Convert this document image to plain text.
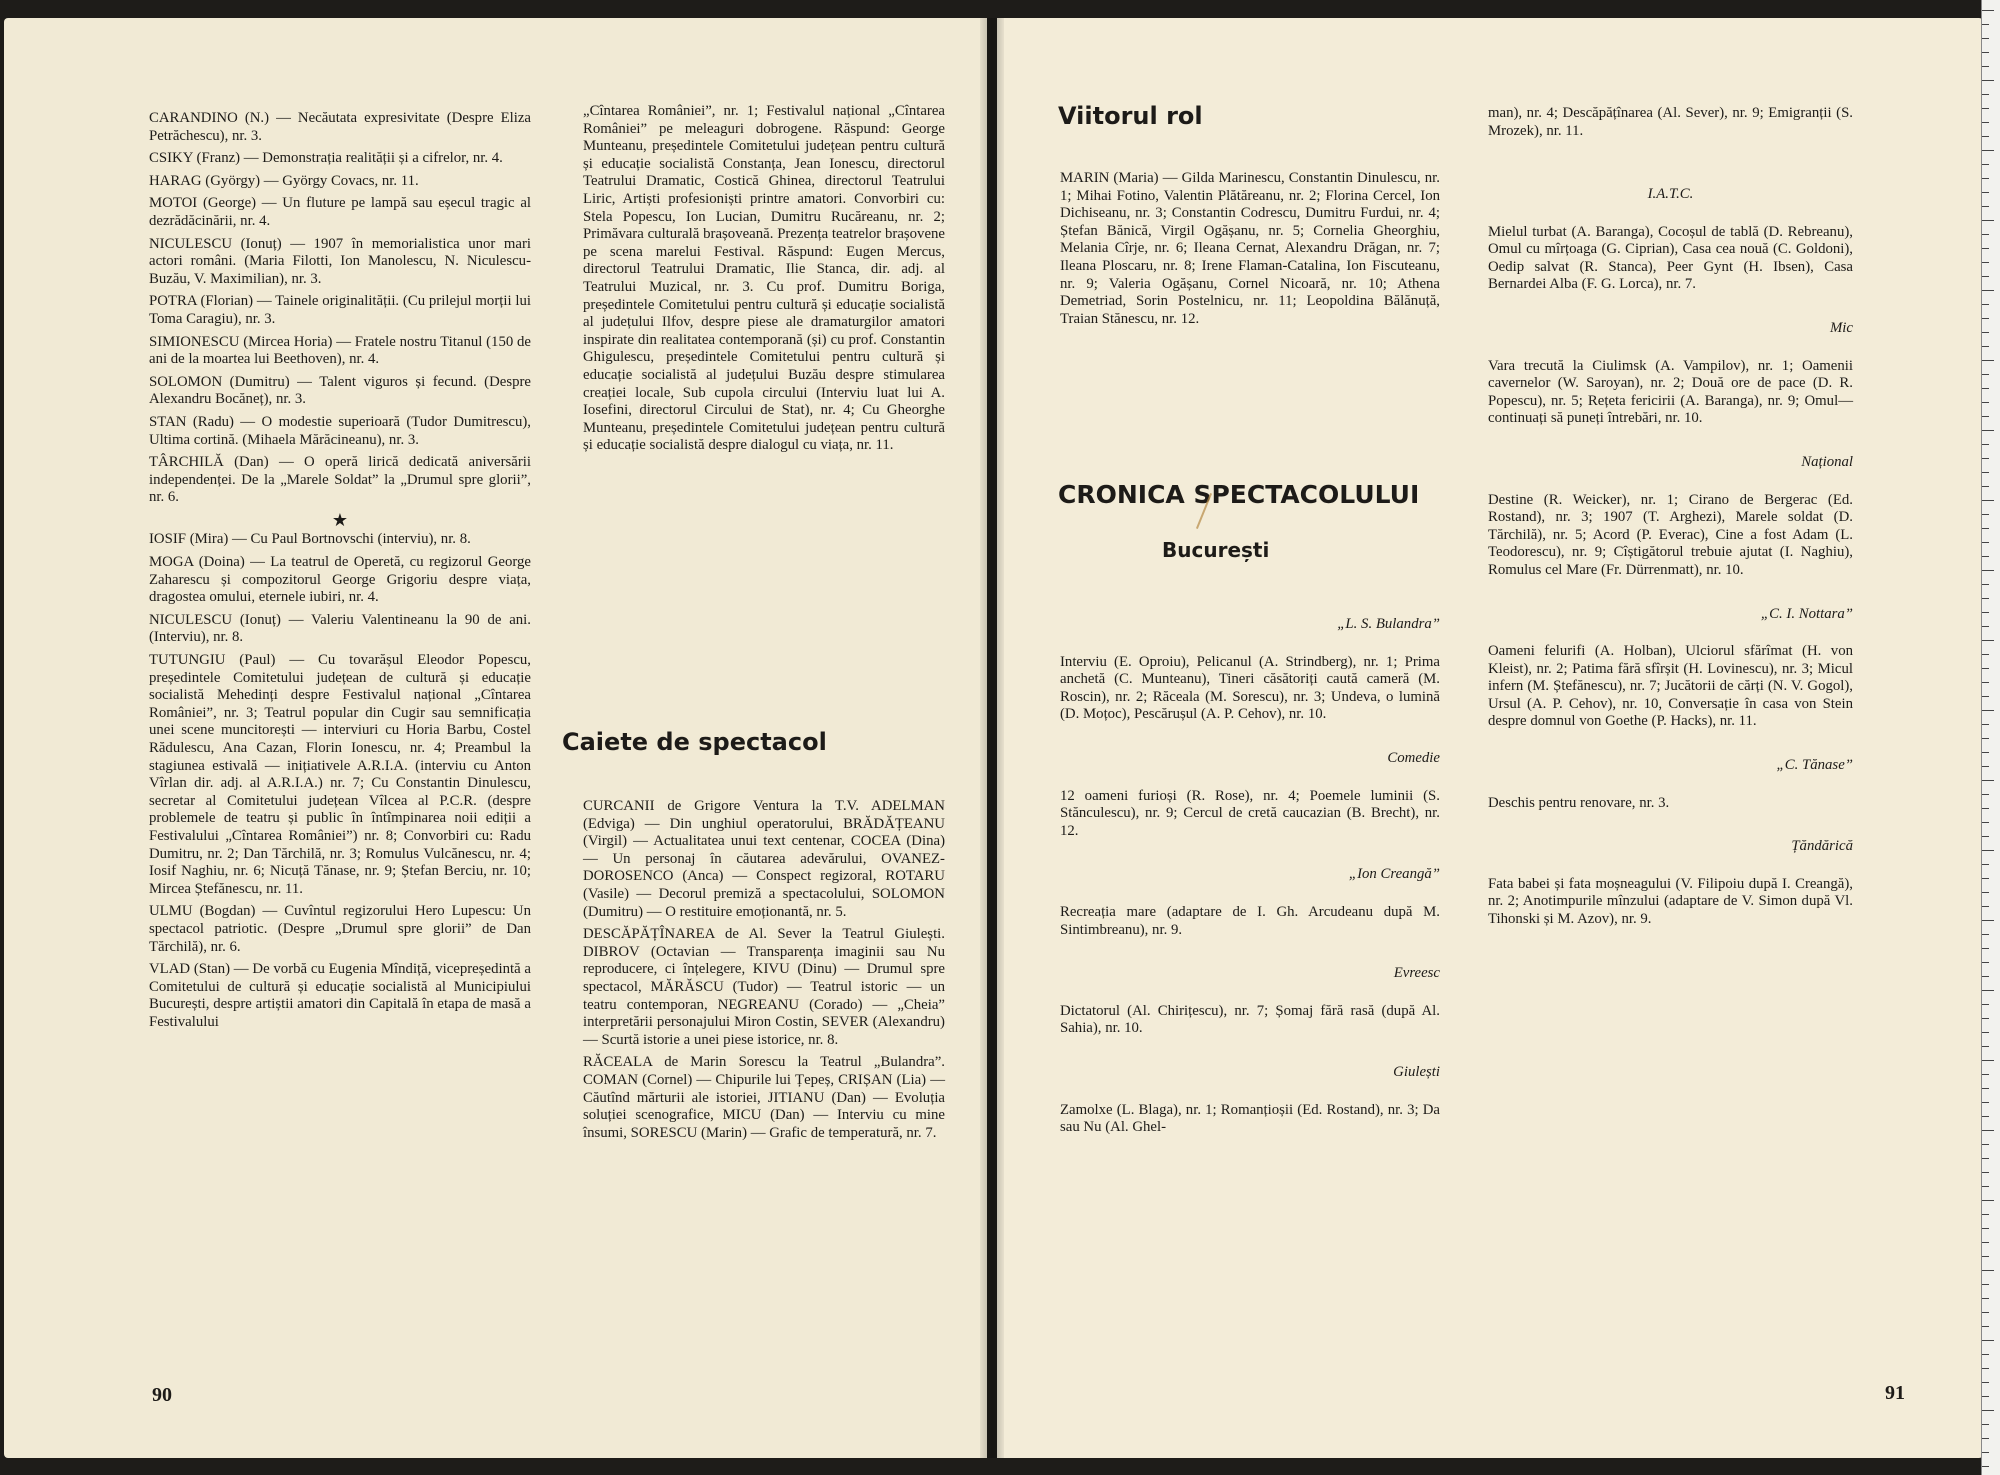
CARANDINO (N.) — Necăutata expresivitate (Despre Eliza Petrăchescu), nr. 3.

CSIKY (Franz) — Demonstrația realității și a cifrelor, nr. 4.

HARAG (György) — György Covacs, nr. 11.

MOTOI (George) — Un fluture pe lampă sau eșecul tragic al dezrădăcinării, nr. 4.

NICULESCU (Ionuț) — 1907 în memorialistica unor mari actori români. (Maria Filotti, Ion Manolescu, N. Niculescu-Buzău, V. Maximilian), nr. 3.

POTRA (Florian) — Tainele originalității. (Cu prilejul morții lui Toma Caragiu), nr. 3.

SIMIONESCU (Mircea Horia) — Fratele nostru Titanul (150 de ani de la moartea lui Beethoven), nr. 4.

SOLOMON (Dumitru) — Talent viguros și fecund. (Despre Alexandru Bocăneț), nr. 3.

STAN (Radu) — O modestie superioară (Tudor Dumitrescu), Ultima cortină. (Mihaela Mărăcineanu), nr. 3.

TÂRCHILĂ (Dan) — O operă lirică dedicată aniversării independenței. De la „Marele Soldat” la „Drumul spre glorii”, nr. 6.

★

IOSIF (Mira) — Cu Paul Bortnovschi (interviu), nr. 8.

MOGA (Doina) — La teatrul de Operetă, cu regizorul George Zaharescu și compozitorul George Grigoriu despre viața, dragostea omului, eternele iubiri, nr. 4.

NICULESCU (Ionuț) — Valeriu Valentineanu la 90 de ani. (Interviu), nr. 8.

TUTUNGIU (Paul) — Cu tovarășul Eleodor Popescu, președintele Comitetului județean de cultură și educație socialistă Mehedinți despre Festivalul național „Cîntarea României”, nr. 3; Teatrul popular din Cugir sau semnificația unei scene muncitorești — interviuri cu Horia Barbu, Costel Rădulescu, Ana Cazan, Florin Ionescu, nr. 4; Preambul la stagiunea estivală — inițiativele A.R.I.A. (interviu cu Anton Vîrlan dir. adj. al A.R.I.A.) nr. 7; Cu Constantin Dinulescu, secretar al Comitetului județean Vîlcea al P.C.R. (despre problemele de teatru și public în întîmpinarea noii ediții a Festivalului „Cîntarea României”) nr. 8; Convorbiri cu: Radu Dumitru, nr. 2; Dan Tărchilă, nr. 3; Romulus Vulcănescu, nr. 4; Iosif Naghiu, nr. 6; Nicuță Tănase, nr. 9; Ștefan Berciu, nr. 10; Mircea Ștefănescu, nr. 11.

ULMU (Bogdan) — Cuvîntul regizorului Hero Lupescu: Un spectacol patriotic. (Despre „Drumul spre glorii” de Dan Tărchilă), nr. 6.

VLAD (Stan) — De vorbă cu Eugenia Mîndiță, vicepreședintă a Comitetului de cultură și educație socialistă al Municipiului București, despre artiștii amatori din Capitală în etapa de masă a Festivalului

„Cîntarea României”, nr. 1; Festivalul național „Cîntarea României” pe meleaguri dobrogene. Răspund: George Munteanu, președintele Comitetului județean pentru cultură și educație socialistă Constanța, Jean Ionescu, directorul Teatrului Dramatic, Costică Ghinea, directorul Teatrului Liric, Artiști profesioniști printre amatori. Convorbiri cu: Stela Popescu, Ion Lucian, Dumitru Rucăreanu, nr. 2; Primăvara culturală brașoveană. Prezența teatrelor brașovene pe scena marelui Festival. Răspund: Eugen Mercus, directorul Teatrului Dramatic, Ilie Stanca, dir. adj. al Teatrului Muzical, nr. 3. Cu prof. Dumitru Boriga, președintele Comitetului pentru cultură și educație socialistă al județului Ilfov, despre piese ale dramaturgilor amatori inspirate din realitatea contemporană (și) cu prof. Constantin Ghigulescu, președintele Comitetului pentru cultură și educație socialistă al județului Buzău despre stimularea creației locale, Sub cupola circului (Interviu luat lui A. Iosefini, directorul Circului de Stat), nr. 4; Cu Gheorghe Munteanu, președintele Comitetului județean pentru cultură și educație socialistă despre dialogul cu viața, nr. 11.

Caiete de spectacol

CURCANII de Grigore Ventura la T.V. ADELMAN (Edviga) — Din unghiul operatorului, BRĂDĂȚEANU (Virgil) — Actualitatea unui text centenar, COCEA (Dina) — Un personaj în căutarea adevărului, OVANEZ-DOROSENCO (Anca) — Conspect regizoral, ROTARU (Vasile) — Decorul premiză a spectacolului, SOLOMON (Dumitru) — O restituire emoționantă, nr. 5.

DESCĂPĂȚÎNAREA de Al. Sever la Teatrul Giulești. DIBROV (Octavian — Transparența imaginii sau Nu reproducere, ci înțelegere, KIVU (Dinu) — Drumul spre spectacol, MĂRĂSCU (Tudor) — Teatrul istoric — un teatru contemporan, NEGREANU (Corado) — „Cheia” interpretării personajului Miron Costin, SEVER (Alexandru) — Scurtă istorie a unei piese istorice, nr. 8.

RĂCEALA de Marin Sorescu la Teatrul „Bulandra”. COMAN (Cornel) — Chipurile lui Țepeș, CRIȘAN (Lia) — Căutînd mărturii ale istoriei, JITIANU (Dan) — Evoluția soluției scenografice, MICU (Dan) — Interviu cu mine însumi, SORESCU (Marin) — Grafic de temperatură, nr. 7.

90
Viitorul rol
MARIN (Maria) — Gilda Marinescu, Constantin Dinulescu, nr. 1; Mihai Fotino, Valentin Plătăreanu, nr. 2; Florina Cercel, Ion Dichiseanu, nr. 3; Constantin Codrescu, Dumitru Furdui, nr. 4; Ștefan Bănică, Virgil Ogășanu, nr. 5; Cornelia Gheorghiu, Melania Cîrje, nr. 6; Ileana Cernat, Alexandru Drăgan, nr. 7; Ileana Ploscaru, nr. 8; Irene Flaman-Catalina, Ion Fiscuteanu, nr. 9; Valeria Ogășanu, Cornel Nicoară, nr. 10; Athena Demetriad, Sorin Postelnicu, nr. 11; Leopoldina Bălănuță, Traian Stănescu, nr. 12.
CRONICA SPECTACOLULUI
București
„L. S. Bulandra”

Interviu (E. Oproiu), Pelicanul (A. Strindberg), nr. 1; Prima anchetă (C. Munteanu), Tineri căsătoriți caută cameră (M. Roscin), nr. 2; Răceala (M. Sorescu), nr. 3; Undeva, o lumină (D. Moțoc), Pescărușul (A. P. Cehov), nr. 10.

Comedie

12 oameni furioși (R. Rose), nr. 4; Poemele luminii (S. Stănculescu), nr. 9; Cercul de cretă caucazian (B. Brecht), nr. 12.

„Ion Creangă”

Recreația mare (adaptare de I. Gh. Arcudeanu după M. Sintimbreanu), nr. 9.

Evreesc

Dictatorul (Al. Chirițescu), nr. 7; Șomaj fără rasă (după Al. Sahia), nr. 10.

Giulești

Zamolxe (L. Blaga), nr. 1; Romanțioșii (Ed. Rostand), nr. 3; Da sau Nu (Al. Ghel-

man), nr. 4; Descăpățînarea (Al. Sever), nr. 9; Emigranții (S. Mrozek), nr. 11.
I.A.T.C.

Mielul turbat (A. Baranga), Cocoșul de tablă (D. Rebreanu), Omul cu mîrțoaga (G. Ciprian), Casa cea nouă (C. Goldoni), Oedip salvat (R. Stanca), Peer Gynt (H. Ibsen), Casa Bernardei Alba (F. G. Lorca), nr. 7.

Mic

Vara trecută la Ciulimsk (A. Vampilov), nr. 1; Oamenii cavernelor (W. Saroyan), nr. 2; Două ore de pace (D. R. Popescu), nr. 5; Rețeta fericirii (A. Baranga), nr. 9; Omul—continuați să puneți întrebări, nr. 10.

Național

Destine (R. Weicker), nr. 1; Cirano de Bergerac (Ed. Rostand), nr. 3; 1907 (T. Arghezi), Marele soldat (D. Tărchilă), nr. 5; Acord (P. Everac), Cine a fost Adam (L. Teodorescu), nr. 9; Cîștigătorul trebuie ajutat (I. Naghiu), Romulus cel Mare (Fr. Dürrenmatt), nr. 10.

„C. I. Nottara”

Oameni felurifi (A. Holban), Ulciorul sfărîmat (H. von Kleist), nr. 2; Patima fără sfîrșit (H. Lovinescu), nr. 3; Micul infern (M. Ștefănescu), nr. 7; Jucătorii de cărți (N. V. Gogol), Ursul (A. P. Cehov), nr. 10, Conversație în casa von Stein despre domnul von Goethe (P. Hacks), nr. 11.

„C. Tănase”

Deschis pentru renovare, nr. 3.

Țăndărică

Fata babei și fata moșneagului (V. Filipoiu după I. Creangă), nr. 2; Anotimpurile mînzului (adaptare de V. Simon după Vl. Tihonski și M. Azov), nr. 9.

91
